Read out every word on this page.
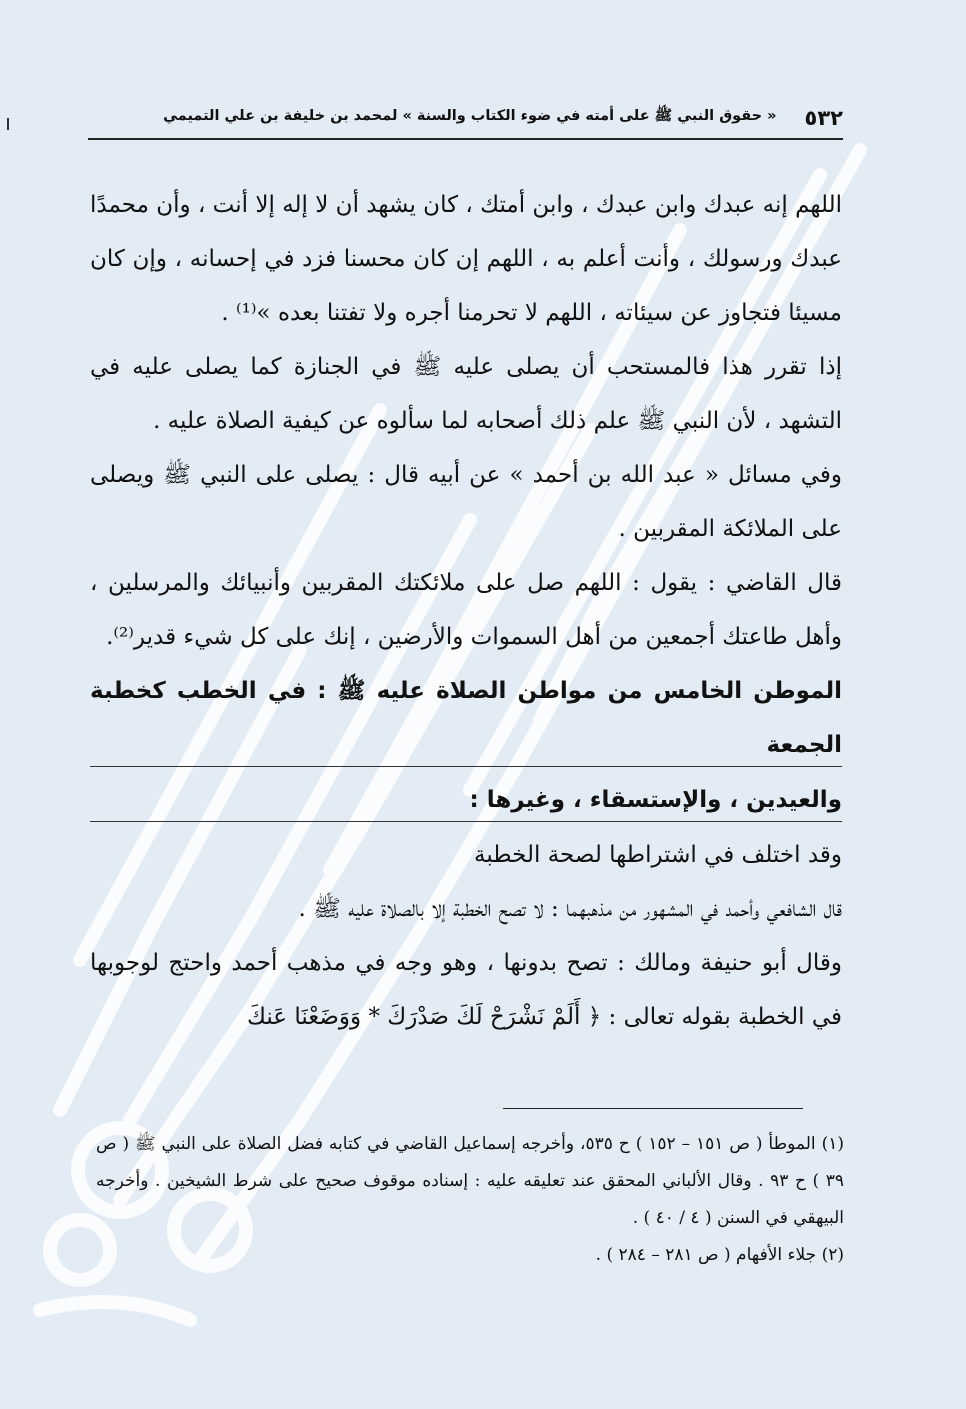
٥٣٢
« حقوق النبي ﷺ على أمته في ضوء الكتاب والسنة » لمحمد بن خليفة بن علي التميمي

اللهم إنه عبدك وابن عبدك ، وابن أمتك ، كان يشهد أن لا إله إلا أنت ، وأن محمدًا عبدك ورسولك ، وأنت أعلم به ، اللهم إن كان محسنا فزد في إحسانه ، وإن كان مسيئا فتجاوز عن سيئاته ، اللهم لا تحرمنا أجره ولا تفتنا بعده »⁽¹⁾ .

إذا تقرر هذا فالمستحب أن يصلى عليه ﷺ في الجنازة كما يصلى عليه في التشهد ، لأن النبي ﷺ علم ذلك أصحابه لما سألوه عن كيفية الصلاة عليه .

وفي مسائل « عبد الله بن أحمد » عن أبيه قال : يصلى على النبي ﷺ ويصلى على الملائكة المقربين .

قال القاضي : يقول : اللهم صل على ملائكتك المقربين وأنبيائك والمرسلين ، وأهل طاعتك أجمعين من أهل السموات والأرضين ، إنك على كل شيء قدير⁽²⁾.

الموطن الخامس من مواطن الصلاة عليه ﷺ : في الخطب كخطبة الجمعة

والعيدين ، والإستسقاء ، وغيرها :

وقد اختلف في اشتراطها لصحة الخطبة

قال الشافعي وأحمد في المشهور من مذهبهما : لا تصح الخطبة إلا بالصلاة عليه ﷺ .

وقال أبو حنيفة ومالك : تصح بدونها ، وهو وجه في مذهب أحمد واحتج لوجوبها في الخطبة بقوله تعالى : ﴿ أَلَمْ نَشْرَحْ لَكَ صَدْرَكَ * وَوَضَعْنَا عَنكَ

(١) الموطأ ( ص ١٥١ – ١٥٢ ) ح ٥٣٥، وأخرجه إسماعيل القاضي في كتابه فضل الصلاة على النبي ﷺ ( ص ٣٩ ) ح ٩٣ . وقال الألباني المحقق عند تعليقه عليه : إسناده موقوف صحيح على شرط الشيخين . وأخرجه البيهقي في السنن ( ٤ / ٤٠ ) .

(٢) جلاء الأفهام ( ص ٢٨١ – ٢٨٤ ) .
